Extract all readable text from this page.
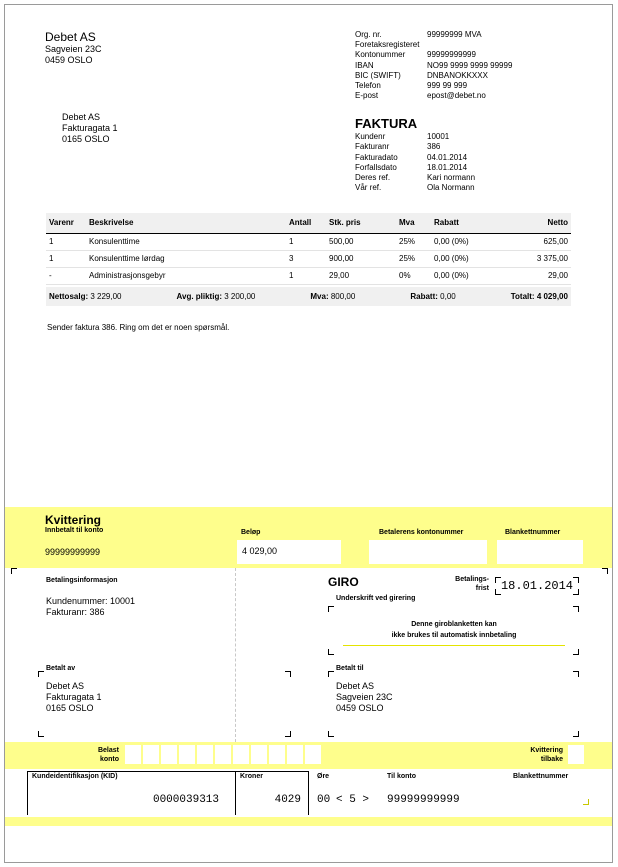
Debet AS
Sagveien 23C
0459 OSLO
Debet AS
Fakturagata 1
0165 OSLO
Org. nr.	99999999 MVA
Foretaksregisteret
Kontonummer	99999999999
IBAN	NO99 9999 9999 99999
BIC (SWIFT)	DNBANOKKXXX
Telefon	999 99 999
E-post	epost@debet.no
FAKTURA
Kundenr	10001
Fakturanr	386
Fakturadato	04.01.2014
Forfallsdato	18.01.2014
Deres ref.	Kari normann
Vår ref.	Ola Normann
Varenr	Beskrivelse	Antall	Stk. pris	Mva	Rabatt	Netto
1	Konsulenttime	1	500,00	25%	0,00 (0%)	625,00
1	Konsulenttime lørdag	3	900,00	25%	0,00 (0%)	3 375,00
-	Administrasjonsgebyr	1	29,00	0%	0,00 (0%)	29,00
Nettosalg: 3 229,00	Avg. pliktig: 3 200,00	Mva: 800,00	Rabatt: 0,00	Totalt: 4 029,00
Sender faktura 386. Ring om det er noen spørsmål.
Kvittering
Innbetalt til konto
99999999999
Beløp
4 029,00
Betalerens kontonummer	Blankettnummer
Betalingsinformasjon
Kundenummer: 10001
Fakturanr: 386
GIRO	Betalings-
frist 18.01.2014
Underskrift ved girering
Denne giroblanketten kan
ikke brukes til automatisk innbetaling
Betalt av
Debet AS
Fakturagata 1
0165 OSLO
Betalt til
Debet AS
Sagveien 23C
0459 OSLO
Belast
konto
Kvittering
tilbake
Kundeidentifikasjon (KID)
0000039313
Kroner
4029
Øre
00 < 5 >
Til konto
99999999999
Blankettnummer
